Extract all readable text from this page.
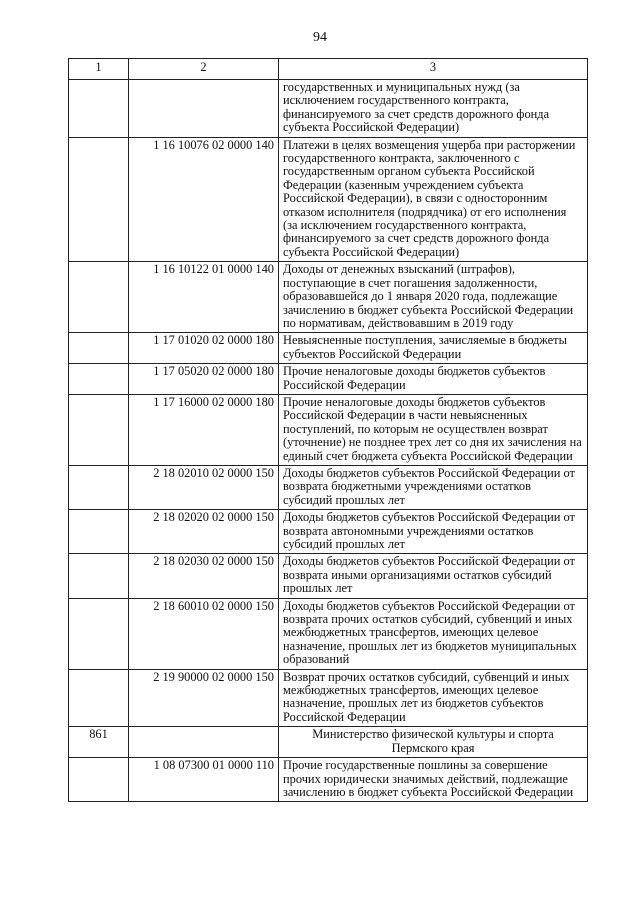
94
1	2	3
		государственных и муниципальных нужд (за исключением государственного контракта, финансируемого за счет средств дорожного фонда субъекта Российской Федерации)
	1 16 10076 02 0000 140	Платежи в целях возмещения ущерба при расторжении государственного контракта, заключенного с государственным органом субъекта Российской Федерации (казенным учреждением субъекта Российской Федерации), в связи с односторонним отказом исполнителя (подрядчика) от его исполнения (за исключением государственного контракта, финансируемого за счет средств дорожного фонда субъекта Российской Федерации)
	1 16 10122 01 0000 140	Доходы от денежных взысканий (штрафов), поступающие в счет погашения задолженности, образовавшейся до 1 января 2020 года, подлежащие зачислению в бюджет субъекта Российской Федерации по нормативам, действовавшим в 2019 году
	1 17 01020 02 0000 180	Невыясненные поступления, зачисляемые в бюджеты субъектов Российской Федерации
	1 17 05020 02 0000 180	Прочие неналоговые доходы бюджетов субъектов Российской Федерации
	1 17 16000 02 0000 180	Прочие неналоговые доходы бюджетов субъектов Российской Федерации в части невыясненных поступлений, по которым не осуществлен возврат (уточнение) не позднее трех лет со дня их зачисления на единый счет бюджета субъекта Российской Федерации
	2 18 02010 02 0000 150	Доходы бюджетов субъектов Российской Федерации от возврата бюджетными учреждениями остатков субсидий прошлых лет
	2 18 02020 02 0000 150	Доходы бюджетов субъектов Российской Федерации от возврата автономными учреждениями остатков субсидий прошлых лет
	2 18 02030 02 0000 150	Доходы бюджетов субъектов Российской Федерации от возврата иными организациями остатков субсидий прошлых лет
	2 18 60010 02 0000 150	Доходы бюджетов субъектов Российской Федерации от возврата прочих остатков субсидий, субвенций и иных межбюджетных трансфертов, имеющих целевое назначение, прошлых лет из бюджетов муниципальных образований
	2 19 90000 02 0000 150	Возврат прочих остатков субсидий, субвенций и иных межбюджетных трансфертов, имеющих целевое назначение, прошлых лет из бюджетов субъектов Российской Федерации
861		Министерство физической культуры и спорта Пермского края
	1 08 07300 01 0000 110	Прочие государственные пошлины за совершение прочих юридически значимых действий, подлежащие зачислению в бюджет субъекта Российской Федерации
